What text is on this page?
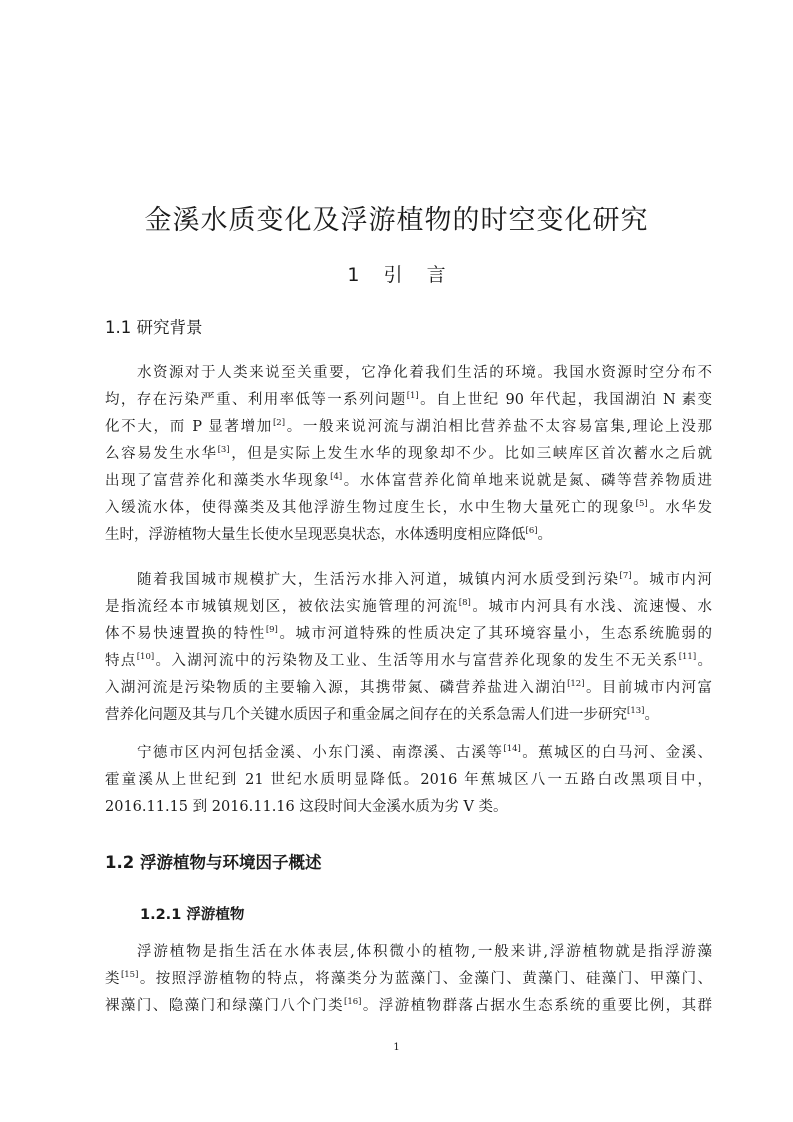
金溪水质变化及浮游植物的时空变化研究
1 引 言
1.1 研究背景
水资源对于人类来说至关重要，它净化着我们生活的环境。我国水资源时空分布不
均，存在污染严重、利用率低等一系列问题[1]。自上世纪 90 年代起，我国湖泊 N 素变
化不大，而 P 显著增加[2]。一般来说河流与湖泊相比营养盐不太容易富集,理论上没那
么容易发生水华[3]，但是实际上发生水华的现象却不少。比如三峡库区首次蓄水之后就
出现了富营养化和藻类水华现象[4]。水体富营养化简单地来说就是氮、磷等营养物质进
入缓流水体，使得藻类及其他浮游生物过度生长，水中生物大量死亡的现象[5]。水华发
生时，浮游植物大量生长使水呈现恶臭状态，水体透明度相应降低[6]。
随着我国城市规模扩大，生活污水排入河道，城镇内河水质受到污染[7]。城市内河
是指流经本市城镇规划区，被依法实施管理的河流[8]。城市内河具有水浅、流速慢、水
体不易快速置换的特性[9]。城市河道特殊的性质决定了其环境容量小，生态系统脆弱的
特点[10]。入湖河流中的污染物及工业、生活等用水与富营养化现象的发生不无关系[11]。
入湖河流是污染物质的主要输入源，其携带氮、磷营养盐进入湖泊[12]。目前城市内河富
营养化问题及其与几个关键水质因子和重金属之间存在的关系急需人们进一步研究[13]。
宁德市区内河包括金溪、小东门溪、南漈溪、古溪等[14]。蕉城区的白马河、金溪、
霍童溪从上世纪到 21 世纪水质明显降低。2016 年蕉城区八一五路白改黑项目中，
2016.11.15 到 2016.11.16 这段时间大金溪水质为劣 V 类。
浮游植物是指生活在水体表层,体积微小的植物,一般来讲,浮游植物就是指浮游藻
类[15]。按照浮游植物的特点，将藻类分为蓝藻门、金藻门、黄藻门、硅藻门、甲藻门、
裸藻门、隐藻门和绿藻门八个门类[16]。浮游植物群落占据水生态系统的重要比例，其群
1.2 浮游植物与环境因子概述
1.2.1 浮游植物
1
